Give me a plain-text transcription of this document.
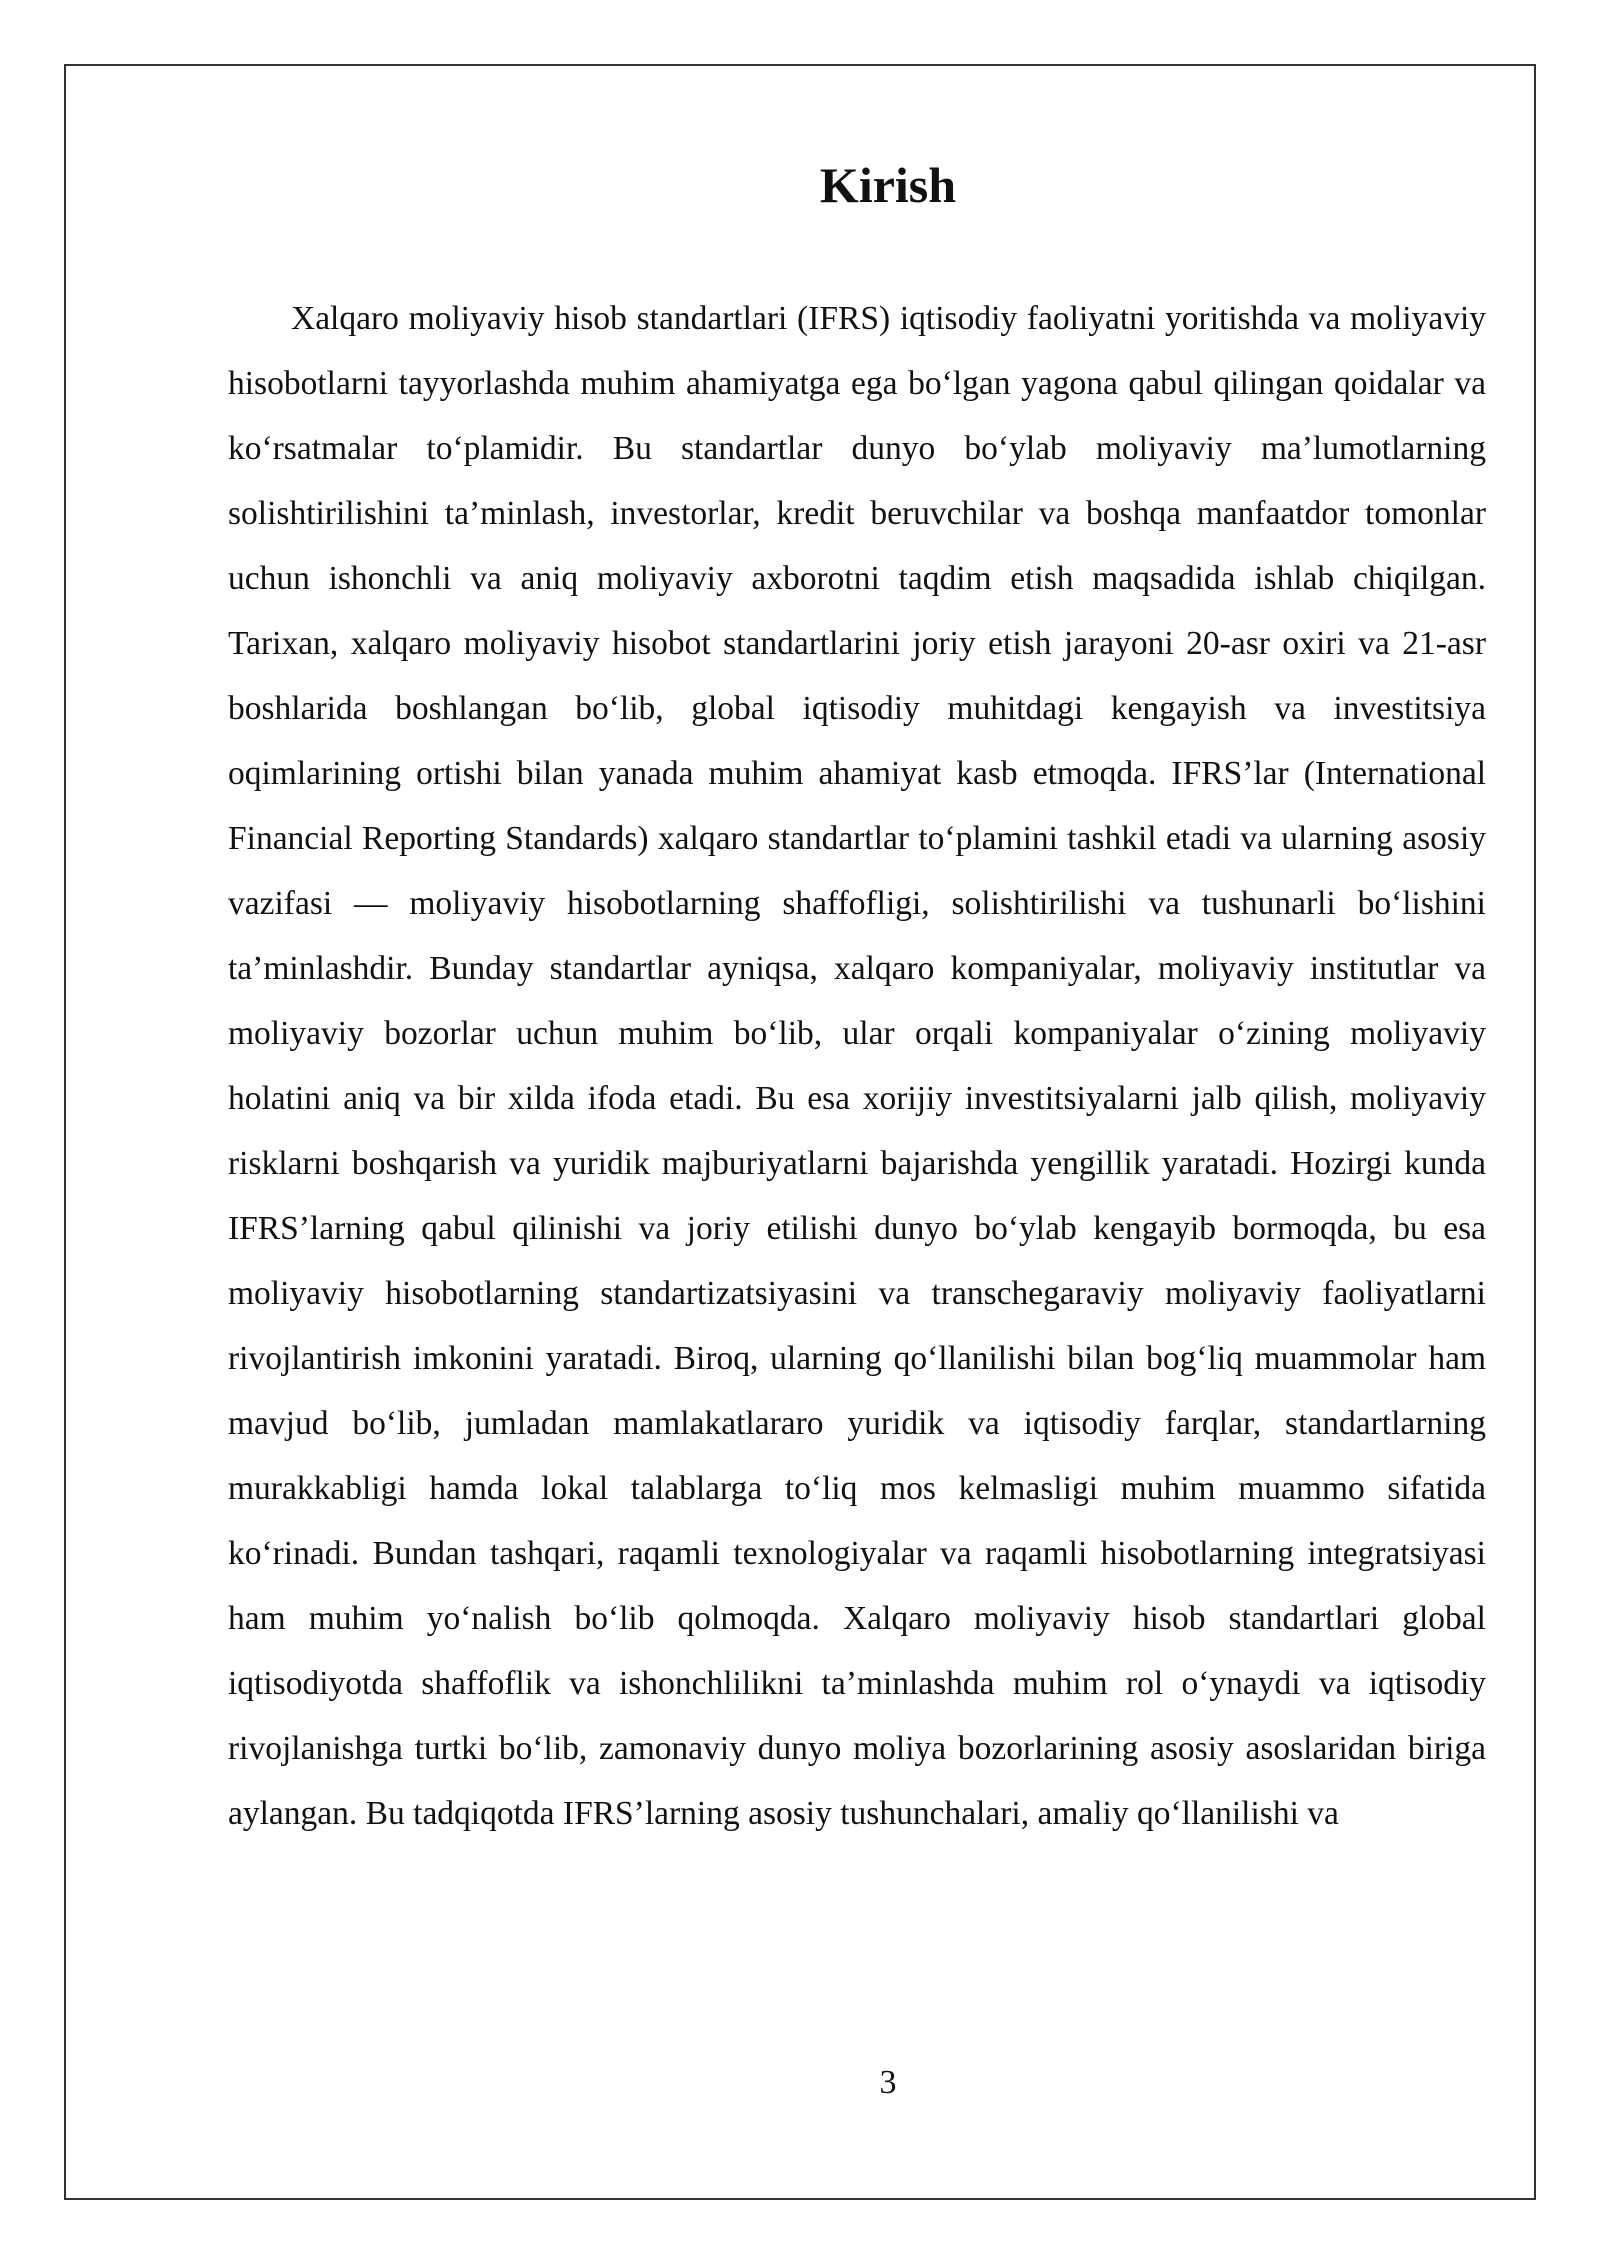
Kirish

Xalqaro moliyaviy hisob standartlari (IFRS) iqtisodiy faoliyatni yoritishda va moliyaviy hisobotlarni tayyorlashda muhim ahamiyatga ega bo‘lgan yagona qabul qilingan qoidalar va ko‘rsatmalar to‘plamidir. Bu standartlar dunyo bo‘ylab moliyaviy ma’lumotlarning solishtirilishini ta’minlash, investorlar, kredit beruvchilar va boshqa manfaatdor tomonlar uchun ishonchli va aniq moliyaviy axborotni taqdim etish maqsadida ishlab chiqilgan. Tarixan, xalqaro moliyaviy hisobot standartlarini joriy etish jarayoni 20-asr oxiri va 21-asr boshlarida boshlangan bo‘lib, global iqtisodiy muhitdagi kengayish va investitsiya oqimlarining ortishi bilan yanada muhim ahamiyat kasb etmoqda. IFRS’lar (International Financial Reporting Standards) xalqaro standartlar to‘plamini tashkil etadi va ularning asosiy vazifasi — moliyaviy hisobotlarning shaffofligi, solishtirilishi va tushunarli bo‘lishini ta’minlashdir. Bunday standartlar ayniqsa, xalqaro kompaniyalar, moliyaviy institutlar va moliyaviy bozorlar uchun muhim bo‘lib, ular orqali kompaniyalar o‘zining moliyaviy holatini aniq va bir xilda ifoda etadi. Bu esa xorijiy investitsiyalarni jalb qilish, moliyaviy risklarni boshqarish va yuridik majburiyatlarni bajarishda yengillik yaratadi. Hozirgi kunda IFRS’larning qabul qilinishi va joriy etilishi dunyo bo‘ylab kengayib bormoqda, bu esa moliyaviy hisobotlarning standartizatsiyasini va transchegaraviy moliyaviy faoliyatlarni rivojlantirish imkonini yaratadi. Biroq, ularning qo‘llanilishi bilan bog‘liq muammolar ham mavjud bo‘lib, jumladan mamlakatlararo yuridik va iqtisodiy farqlar, standartlarning murakkabligi hamda lokal talablarga to‘liq mos kelmasligi muhim muammo sifatida ko‘rinadi. Bundan tashqari, raqamli texnologiyalar va raqamli hisobotlarning integratsiyasi ham muhim yo‘nalish bo‘lib qolmoqda. Xalqaro moliyaviy hisob standartlari global iqtisodiyotda shaffoflik va ishonchlilikni ta’minlashda muhim rol o‘ynaydi va iqtisodiy rivojlanishga turtki bo‘lib, zamonaviy dunyo moliya bozorlarining asosiy asoslaridan biriga aylangan. Bu tadqiqotda IFRS’larning asosiy tushunchalari, amaliy qo‘llanilishi va

3
